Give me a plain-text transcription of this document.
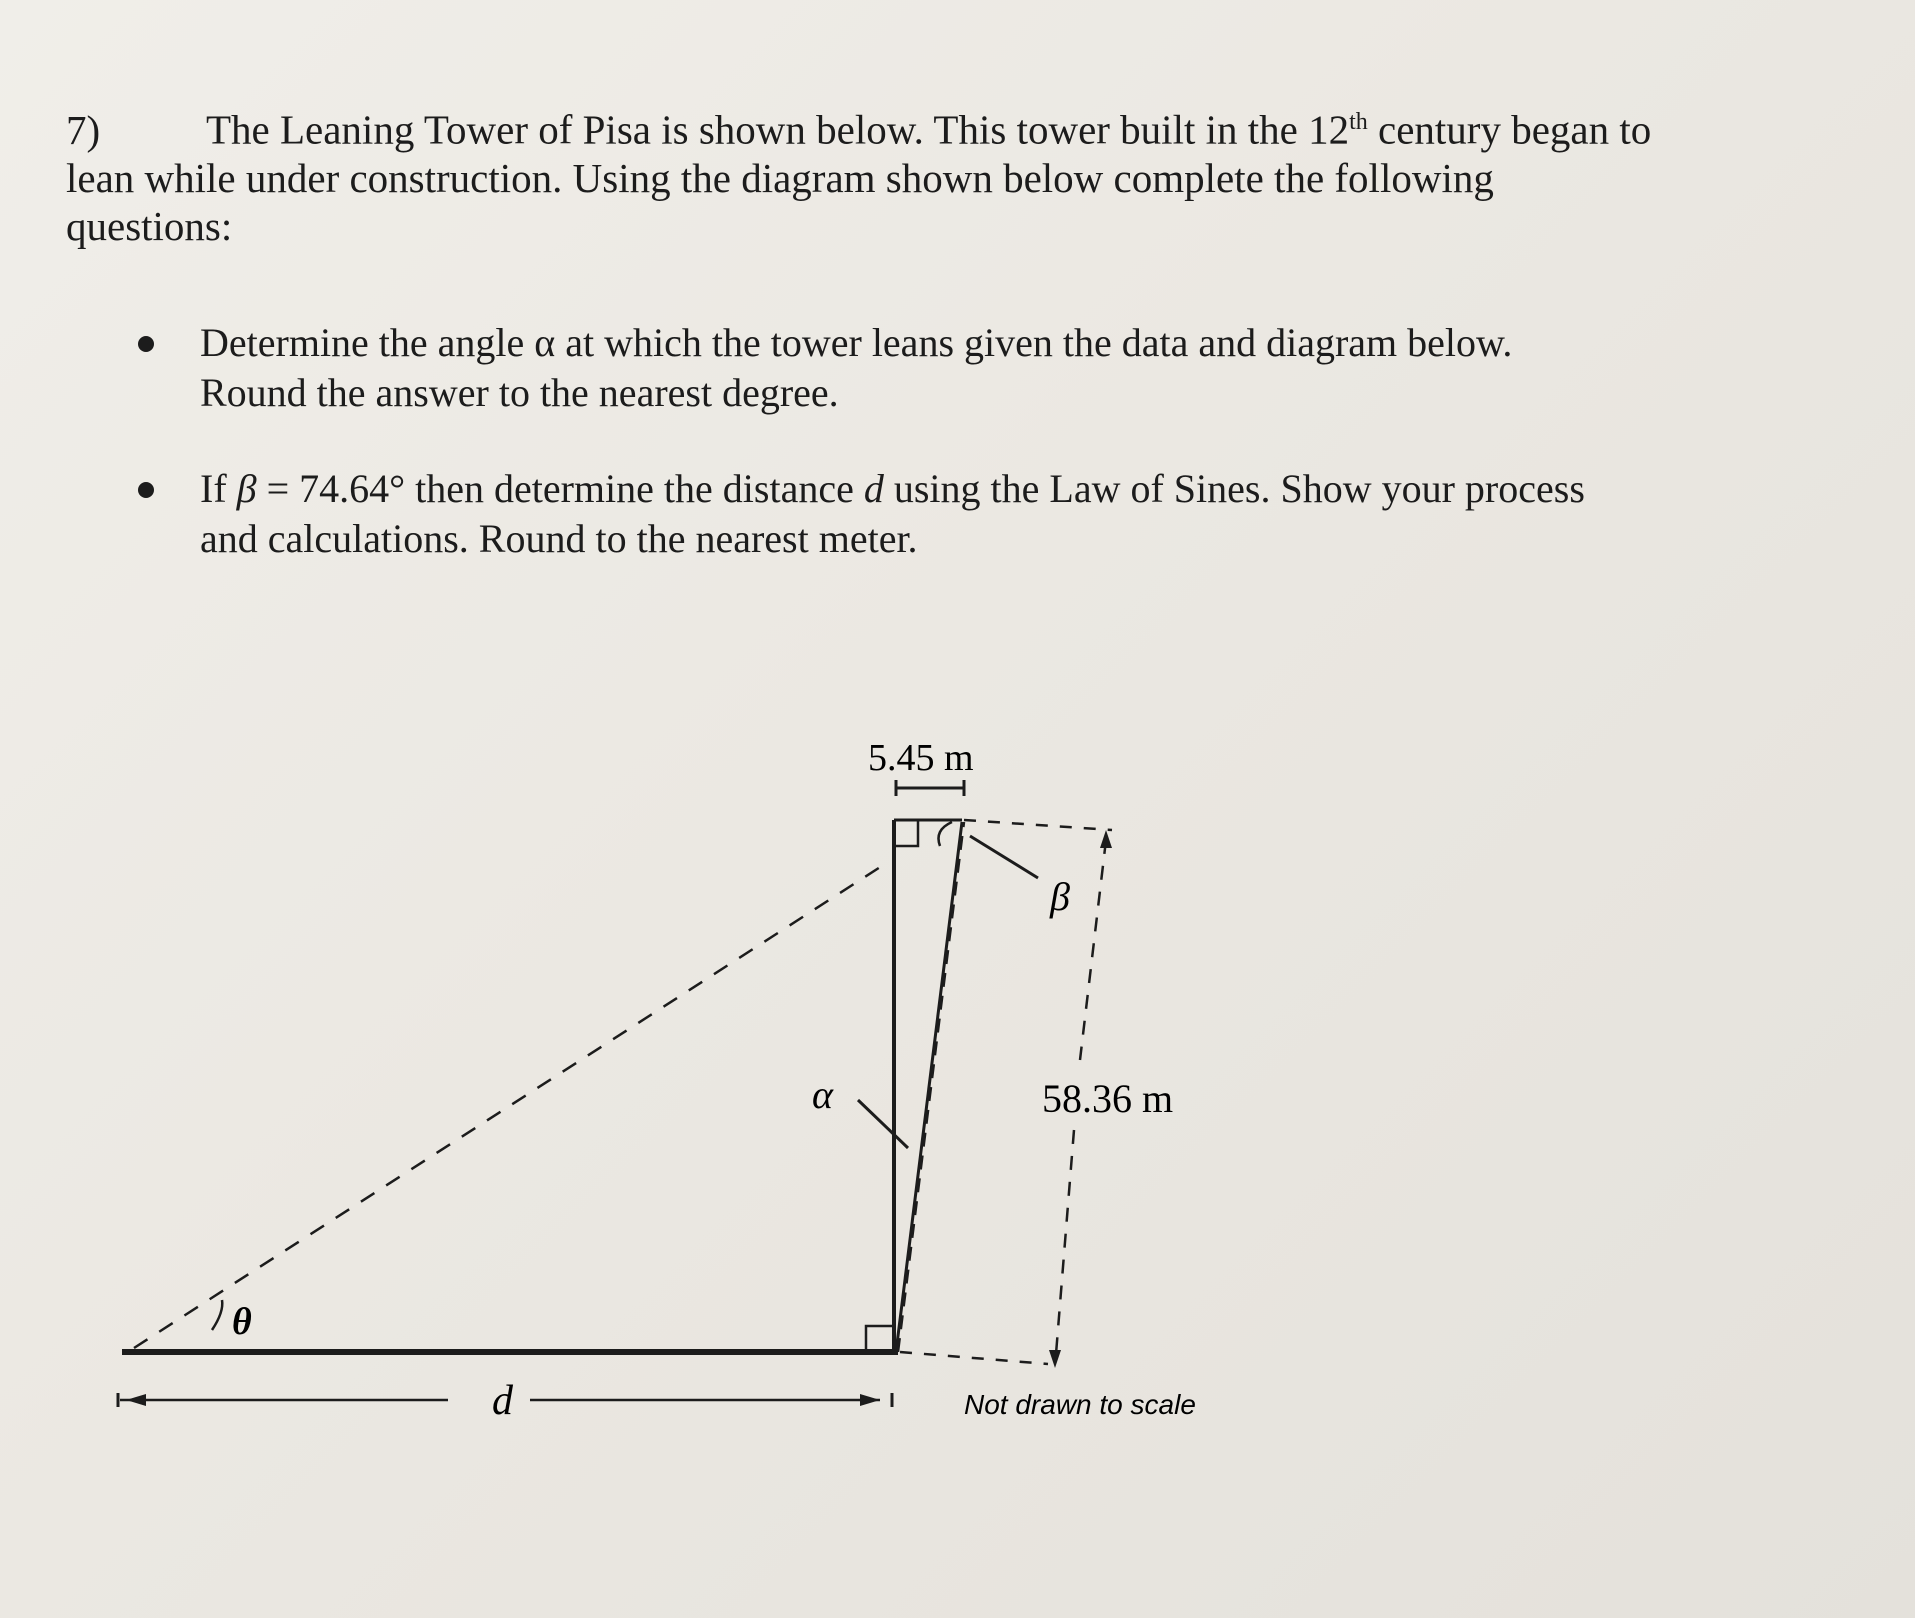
7)	The Leaning Tower of Pisa is shown below. This tower built in the 12th century began to
lean while under construction. Using the diagram shown below complete the following
questions:
Determine the angle α at which the tower leans given the data and diagram below.
Round the answer to the nearest degree.
If β = 74.64° then determine the distance d using the Law of Sines. Show your process
and calculations. Round to the nearest meter.
5.45 m
58.36 m
β
α
θ
d	Not drawn to scale
